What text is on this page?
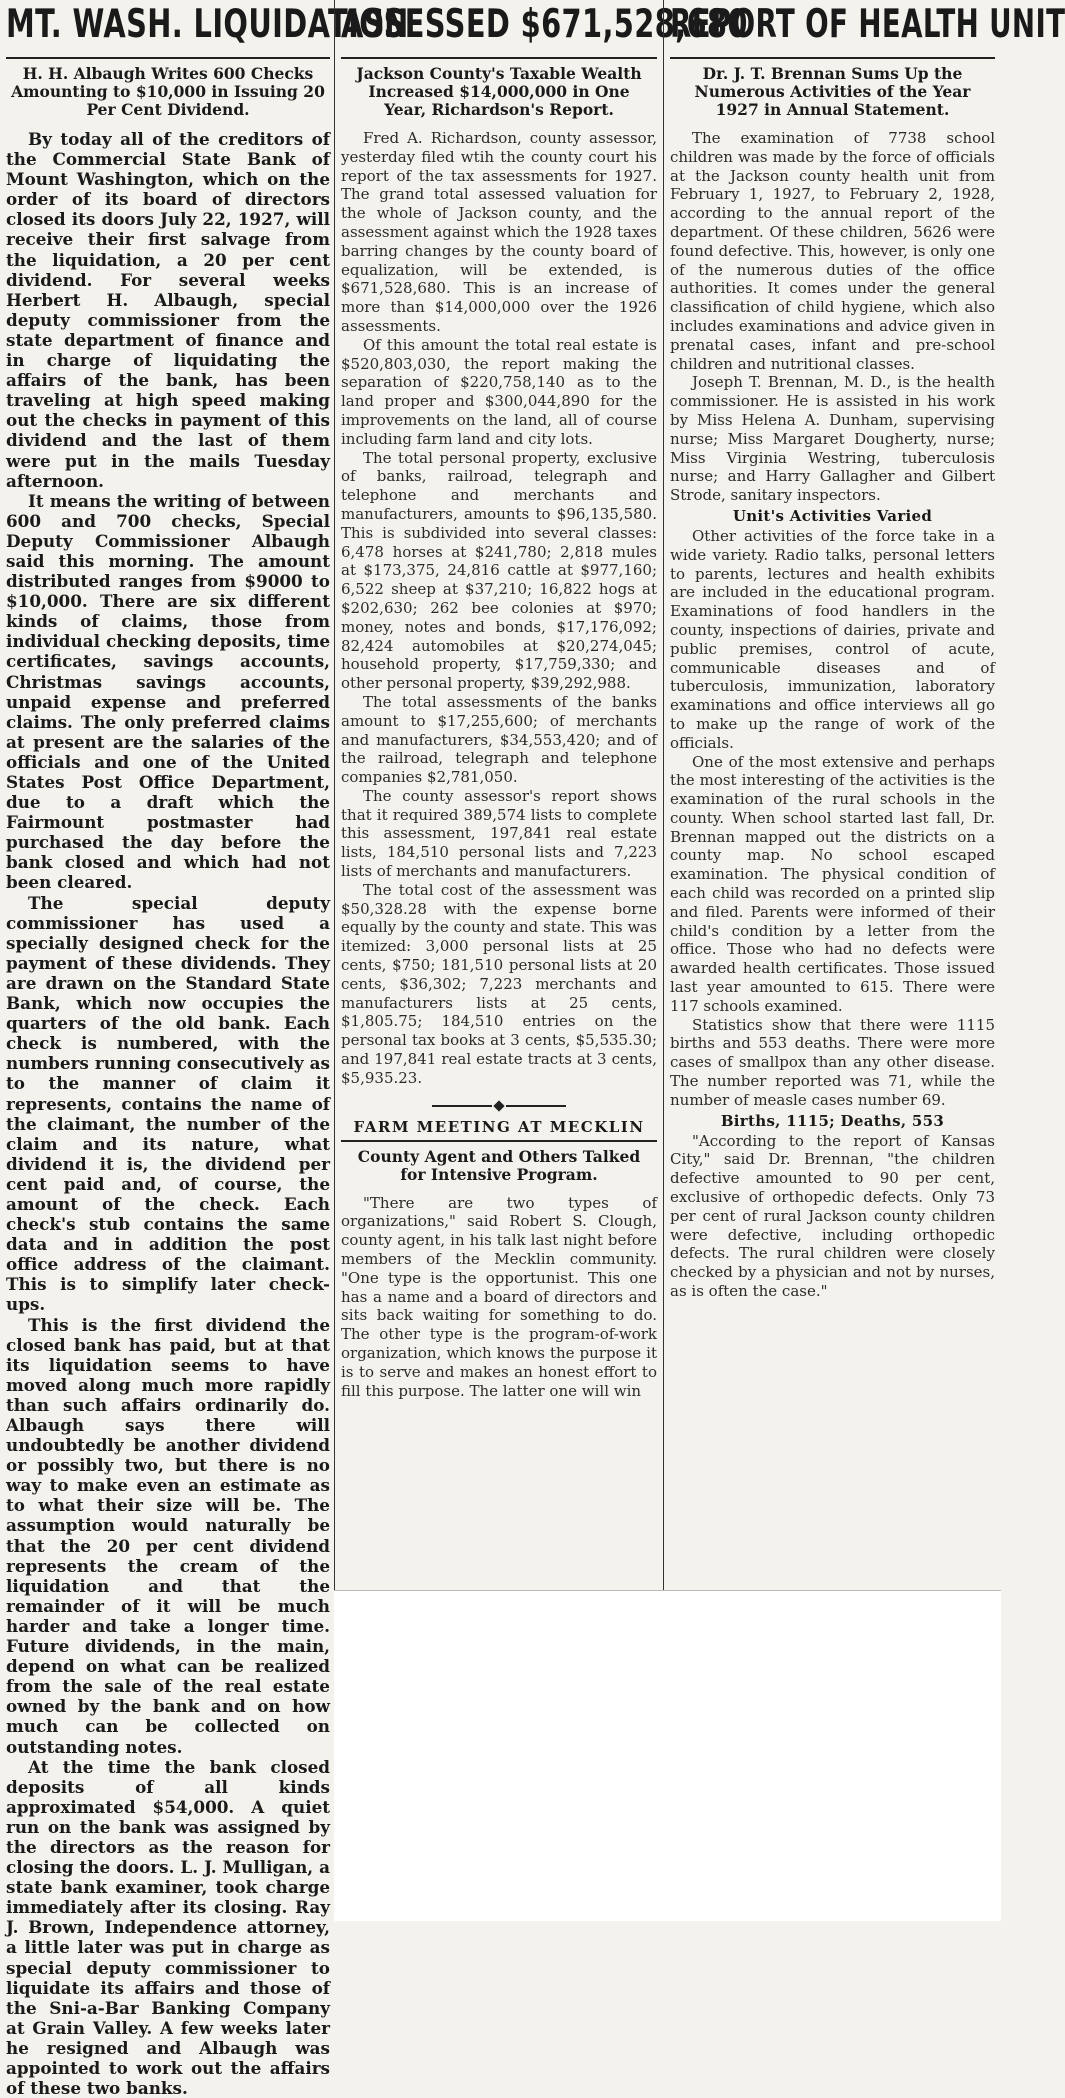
MT. WASH. LIQUIDATION
H. H. Albaugh Writes 600 Checks Amounting to $10,000 in Issuing 20 Per Cent Dividend.

By today all of the creditors of the Commercial State Bank of Mount Washington, which on the order of its board of directors closed its doors July 22, 1927, will receive their first salvage from the liquidation, a 20 per cent dividend. For several weeks Herbert H. Albaugh, special deputy commissioner from the state department of finance and in charge of liquidating the affairs of the bank, has been traveling at high speed making out the checks in payment of this dividend and the last of them were put in the mails Tuesday afternoon.

It means the writing of between 600 and 700 checks, Special Deputy Commissioner Albaugh said this morning. The amount distributed ranges from $9000 to $10,000. There are six different kinds of claims, those from individual checking deposits, time certificates, savings accounts, Christmas savings accounts, unpaid expense and preferred claims. The only preferred claims at present are the salaries of the officials and one of the United States Post Office Department, due to a draft which the Fairmount postmaster had purchased the day before the bank closed and which had not been cleared.

The special deputy commissioner has used a specially designed check for the payment of these dividends. They are drawn on the Standard State Bank, which now occupies the quarters of the old bank. Each check is numbered, with the numbers running consecutively as to the manner of claim it represents, contains the name of the claimant, the number of the claim and its nature, what dividend it is, the dividend per cent paid and, of course, the amount of the check. Each check's stub contains the same data and in addition the post office address of the claimant. This is to simplify later check-ups.

This is the first dividend the closed bank has paid, but at that its liquidation seems to have moved along much more rapidly than such affairs ordinarily do. Albaugh says there will undoubtedly be another dividend or possibly two, but there is no way to make even an estimate as to what their size will be. The assumption would naturally be that the 20 per cent dividend represents the cream of the liquidation and that the remainder of it will be much harder and take a longer time. Future dividends, in the main, depend on what can be realized from the sale of the real estate owned by the bank and on how much can be collected on outstanding notes.

At the time the bank closed deposits of all kinds approximated $54,000. A quiet run on the bank was assigned by the directors as the reason for closing the doors. L. J. Mulligan, a state bank examiner, took charge immediately after its closing. Ray J. Brown, Independence attorney, a little later was put in charge as special deputy commissioner to liquidate its affairs and those of the Sni-a-Bar Banking Company at Grain Valley. A few weeks later he resigned and Albaugh was appointed to work out the affairs of these two banks.

ASSESSED $671,528,680
Jackson County's Taxable Wealth Increased $14,000,000 in One Year, Richardson's Report.

Fred A. Richardson, county assessor, yesterday filed wtih the county court his report of the tax assessments for 1927. The grand total assessed valuation for the whole of Jackson county, and the assessment against which the 1928 taxes barring changes by the county board of equalization, will be extended, is $671,528,680. This is an increase of more than $14,000,000 over the 1926 assessments.

Of this amount the total real estate is $520,803,030, the report making the separation of $220,758,140 as to the land proper and $300,044,890 for the improvements on the land, all of course including farm land and city lots.

The total personal property, exclusive of banks, railroad, telegraph and telephone and merchants and manufacturers, amounts to $96,135,580. This is subdivided into several classes: 6,478 horses at $241,780; 2,818 mules at $173,375, 24,816 cattle at $977,160; 6,522 sheep at $37,210; 16,822 hogs at $202,630; 262 bee colonies at $970; money, notes and bonds, $17,176,092; 82,424 automobiles at $20,274,045; household property, $17,759,330; and other personal property, $39,292,988.

The total assessments of the banks amount to $17,255,600; of merchants and manufacturers, $34,553,420; and of the railroad, telegraph and telephone companies $2,781,050.

The county assessor's report shows that it required 389,574 lists to complete this assessment, 197,841 real estate lists, 184,510 personal lists and 7,223 lists of merchants and manufacturers.

The total cost of the assessment was $50,328.28 with the expense borne equally by the county and state. This was itemized: 3,000 personal lists at 25 cents, $750; 181,510 personal lists at 20 cents, $36,302; 7,223 merchants and manufacturers lists at 25 cents, $1,805.75; 184,510 entries on the personal tax books at 3 cents, $5,535.30; and 197,841 real estate tracts at 3 cents, $5,935.23.

FARM MEETING AT MECKLIN
County Agent and Others Talked for Intensive Program.

"There are two types of organizations," said Robert S. Clough, county agent, in his talk last night before members of the Mecklin community. "One type is the opportunist. This one has a name and a board of directors and sits back waiting for something to do. The other type is the program-of-work organization, which knows the purpose it is to serve and makes an honest effort to fill this purpose. The latter one will win

REPORT OF HEALTH UNIT
Dr. J. T. Brennan Sums Up the Numerous Activities of the Year 1927 in Annual Statement.

The examination of 7738 school children was made by the force of officials at the Jackson county health unit from February 1, 1927, to February 2, 1928, according to the annual report of the department. Of these children, 5626 were found defective. This, however, is only one of the numerous duties of the office authorities. It comes under the general classification of child hygiene, which also includes examinations and advice given in prenatal cases, infant and pre-school children and nutritional classes.

Joseph T. Brennan, M. D., is the health commissioner. He is assisted in his work by Miss Helena A. Dunham, supervising nurse; Miss Margaret Dougherty, nurse; Miss Virginia Westring, tuberculosis nurse; and Harry Gallagher and Gilbert Strode, sanitary inspectors.

Unit's Activities Varied

Other activities of the force take in a wide variety. Radio talks, personal letters to parents, lectures and health exhibits are included in the educational program. Examinations of food handlers in the county, inspections of dairies, private and public premises, control of acute, communicable diseases and of tuberculosis, immunization, laboratory examinations and office interviews all go to make up the range of work of the officials.

One of the most extensive and perhaps the most interesting of the activities is the examination of the rural schools in the county. When school started last fall, Dr. Brennan mapped out the districts on a county map. No school escaped examination. The physical condition of each child was recorded on a printed slip and filed. Parents were informed of their child's condition by a letter from the office. Those who had no defects were awarded health certificates. Those issued last year amounted to 615. There were 117 schools examined.

Statistics show that there were 1115 births and 553 deaths. There were more cases of smallpox than any other disease. The number reported was 71, while the number of measle cases number 69.

Births, 1115; Deaths, 553

"According to the report of Kansas City," said Dr. Brennan, "the children defective amounted to 90 per cent, exclusive of orthopedic defects. Only 73 per cent of rural Jackson county children were defective, including orthopedic defects. The rural children were closely checked by a physician and not by nurses, as is often the case."
